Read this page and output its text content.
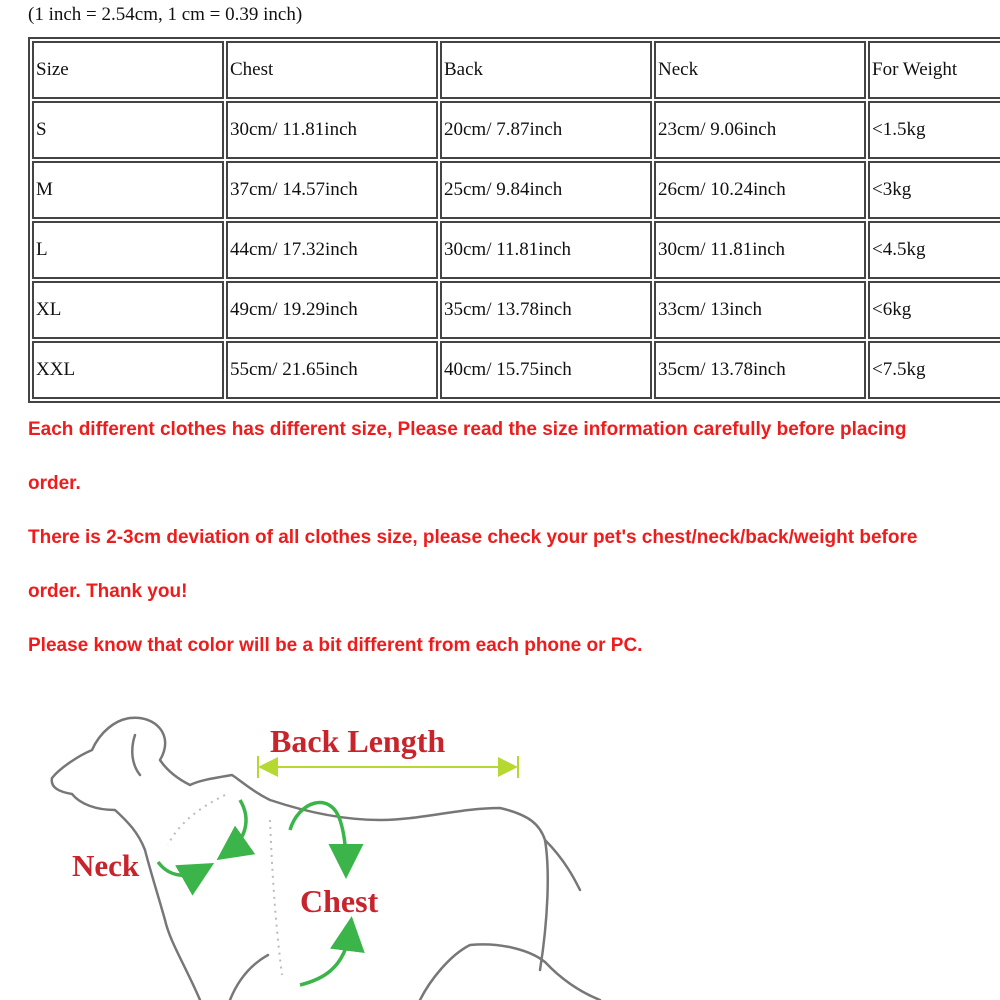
(1 inch = 2.54cm, 1 cm = 0.39 inch)
Size	Chest	Back	Neck	For Weight
S	30cm/ 11.81inch	20cm/ 7.87inch	23cm/ 9.06inch	<1.5kg
M	37cm/ 14.57inch	25cm/ 9.84inch	26cm/ 10.24inch	<3kg
L	44cm/ 17.32inch	30cm/ 11.81inch	30cm/ 11.81inch	<4.5kg
XL	49cm/ 19.29inch	35cm/ 13.78inch	33cm/ 13inch	<6kg
XXL	55cm/ 21.65inch	40cm/ 15.75inch	35cm/ 13.78inch	<7.5kg
Each different clothes has different size, Please read the size information carefully before placing
order.
There is 2-3cm deviation of all clothes size, please check your pet's chest/neck/back/weight before
order. Thank you!
Please know that color will be a bit different from each phone or PC.
Back Length
Neck
Chest
